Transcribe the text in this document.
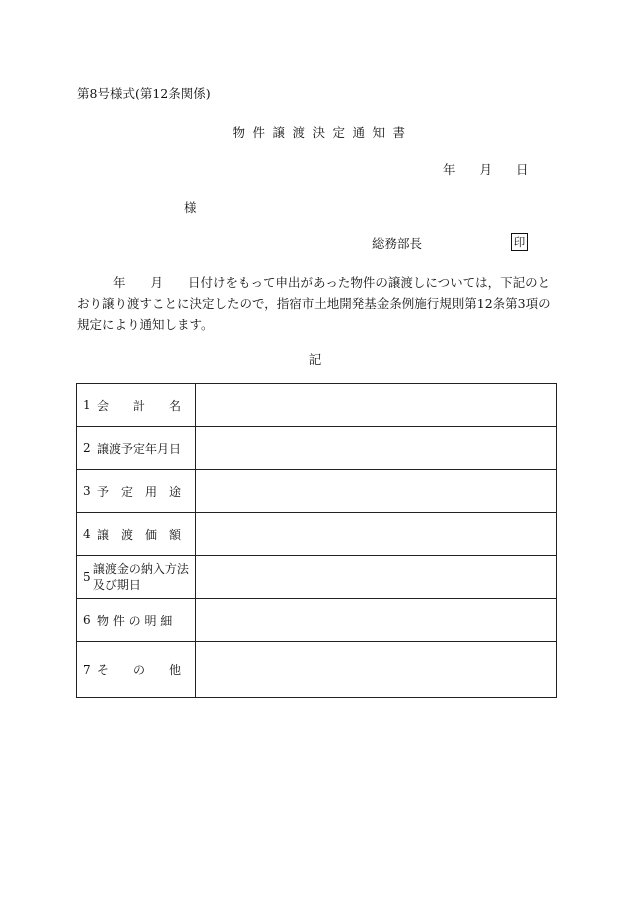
第8号様式(第12条関係)
物件譲渡決定通知書
年 月 日
様
総務部長	印
年　　月　　日付けをもって申出があった物件の譲渡しについては，下記のとおり譲り渡すことに決定したので，指宿市土地開発基金条例施行規則第12条第3項の規定により通知します。
記
1 会　　計　　名	

2 譲渡予定年月日	

3 予　定　用　途	

4 譲　渡　価　額	

5
譲渡金の納入方法及び期日	

6 物 件 の 明 細	

7 そ　　の　　他	
